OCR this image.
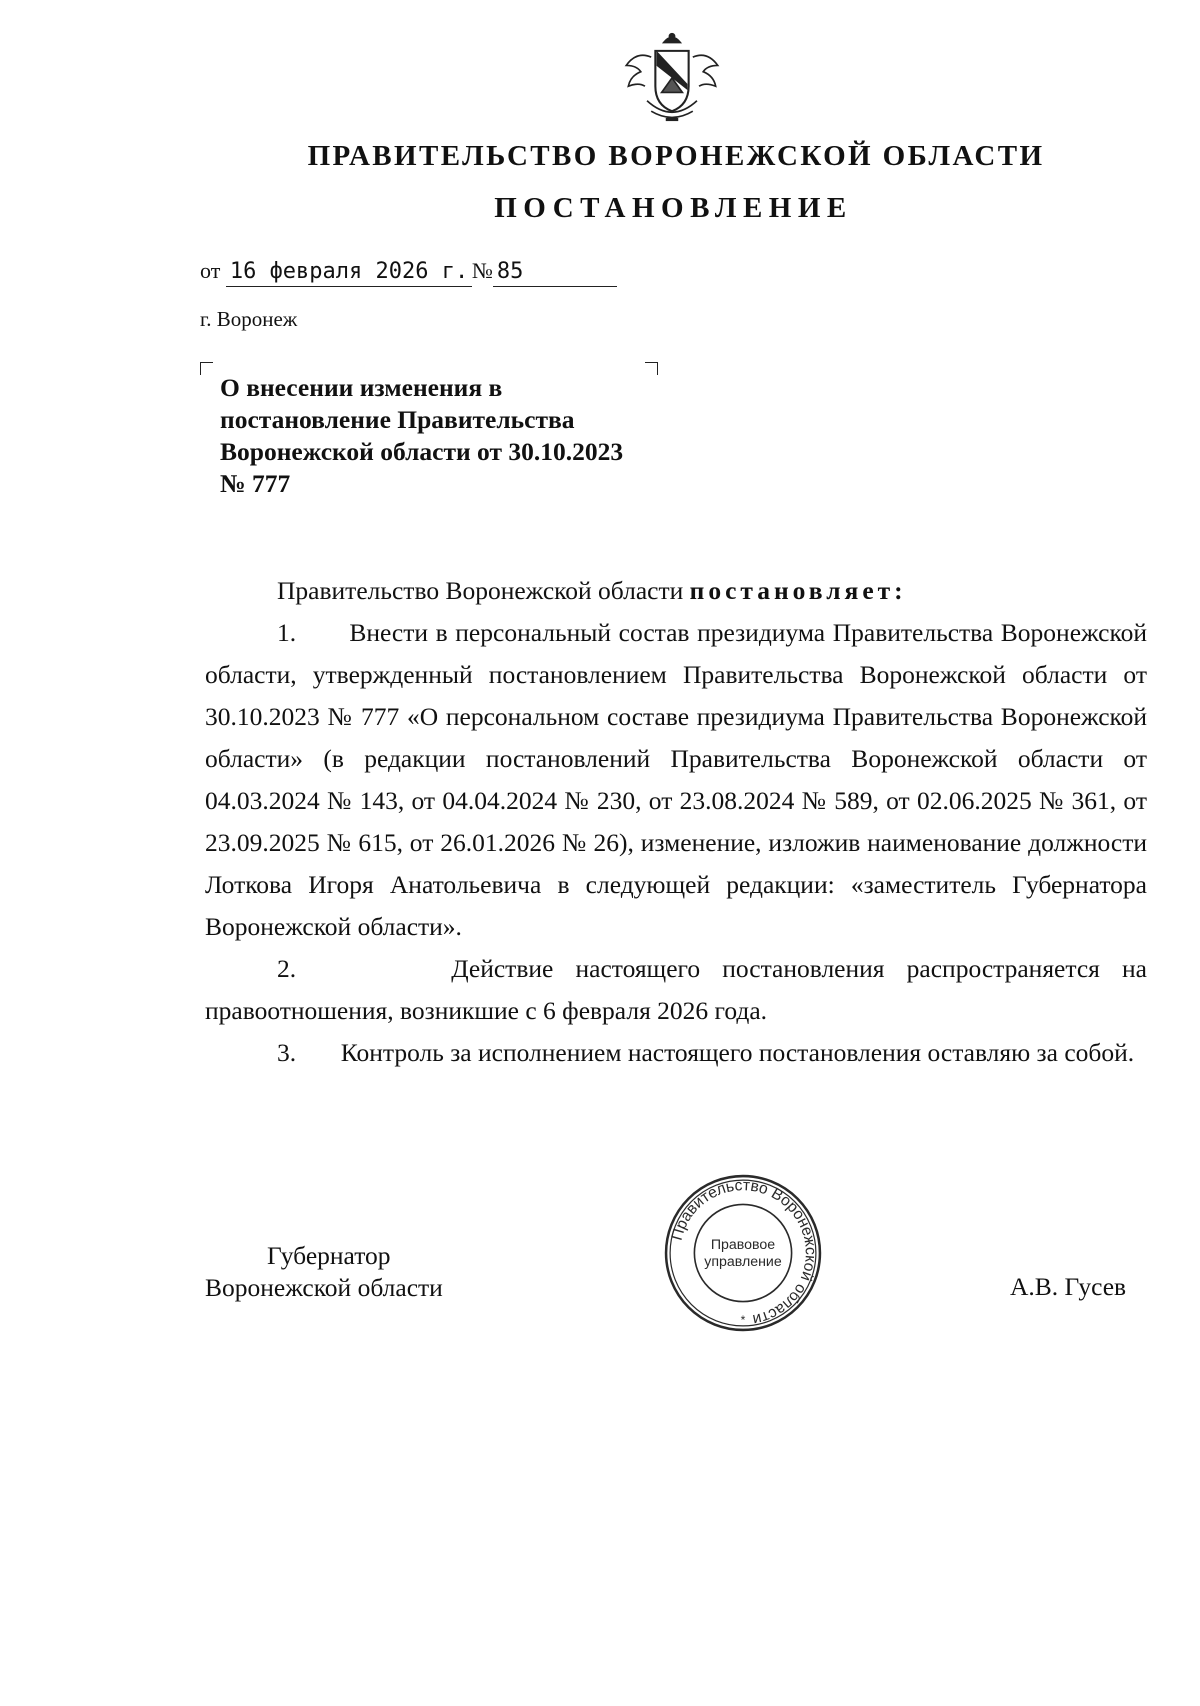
ПРАВИТЕЛЬСТВО ВОРОНЕЖСКОЙ ОБЛАСТИ
ПОСТАНОВЛЕНИЕ
от 16 февраля 2026 г. № 85
г. Воронеж
О внесении изменения в постановление Правительства Воронежской области от 30.10.2023 № 777

Правительство Воронежской области постановляет:

1. Внести в персональный состав президиума Правительства Воронежской области, утвержденный постановлением Правительства Воронежской области от 30.10.2023 № 777 «О персональном составе президиума Правительства Воронежской области» (в редакции постановлений Правительства Воронежской области от 04.03.2024 № 143, от 04.04.2024 № 230, от 23.08.2024 № 589, от 02.06.2025 № 361, от 23.09.2025 № 615, от 26.01.2026 № 26), изменение, изложив наименование должности Лоткова Игоря Анатольевича в следующей редакции: «заместитель Губернатора Воронежской области».

2.	Действие настоящего постановления распространяется на правоотношения, возникшие с 6 февраля 2026 года.

3. Контроль за исполнением настоящего постановления оставляю за собой.

Губернатор
Воронежской области
Правительство Воронежской области
Правовое
управление
*
А.В. Гусев
